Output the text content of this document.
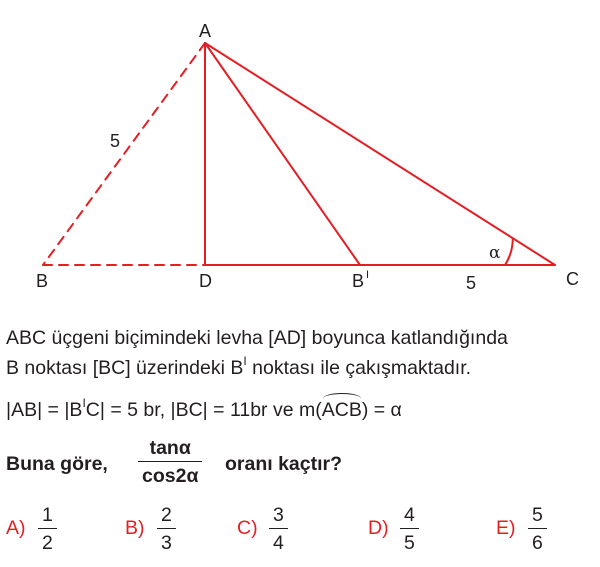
A
B	D	B I	C
5
5
α
ABC üçgeni biçimindeki levha [AD] boyunca katlandığında
B noktası [BC] üzerindeki $B^I$ noktası ile çakışmaktadır.
$|AB| = |B^IC| = 5$ br, |BC| = 11br ve m(
ACB) = α
Buna göre,
tanα
cos2α
oranı kaçtır?
A)
1
2
B)
2
3
C)
3
4
D)
4
5
E)
5
6
